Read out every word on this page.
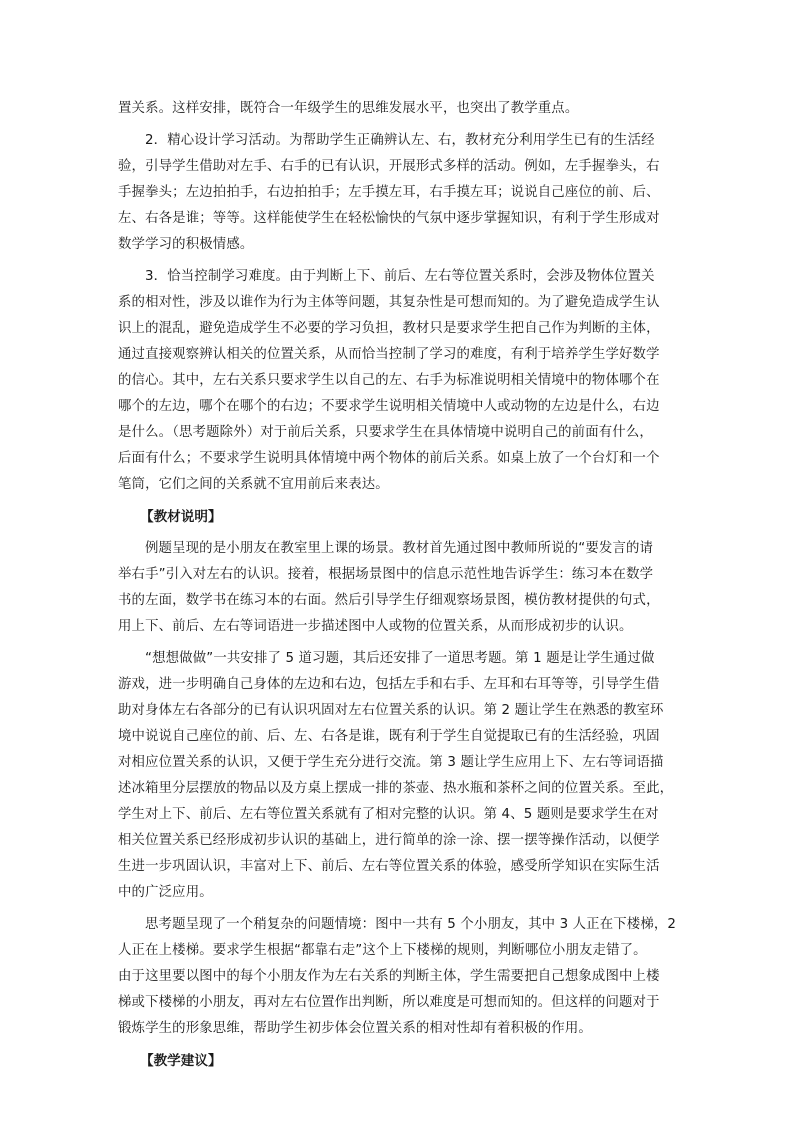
置关系。这样安排，既符合一年级学生的思维发展水平，也突出了教学重点。
2．精心设计学习活动。为帮助学生正确辨认左、右，教材充分利用学生已有的生活经
验，引导学生借助对左手、右手的已有认识，开展形式多样的活动。例如，左手握拳头，右
手握拳头；左边拍拍手，右边拍拍手；左手摸左耳，右手摸左耳；说说自己座位的前、后、
左、右各是谁；等等。这样能使学生在轻松愉快的气氛中逐步掌握知识，有利于学生形成对
数学学习的积极情感。
3．恰当控制学习难度。由于判断上下、前后、左右等位置关系时，会涉及物体位置关
系的相对性，涉及以谁作为行为主体等问题，其复杂性是可想而知的。为了避免造成学生认
识上的混乱，避免造成学生不必要的学习负担，教材只是要求学生把自己作为判断的主体，
通过直接观察辨认相关的位置关系，从而恰当控制了学习的难度，有利于培养学生学好数学
的信心。其中，左右关系只要求学生以自己的左、右手为标准说明相关情境中的物体哪个在
哪个的左边，哪个在哪个的右边；不要求学生说明相关情境中人或动物的左边是什么，右边
是什么。（思考题除外）对于前后关系，只要求学生在具体情境中说明自己的前面有什么，
后面有什么；不要求学生说明具体情境中两个物体的前后关系。如桌上放了一个台灯和一个
笔筒，它们之间的关系就不宜用前后来表达。
【教材说明】
例题呈现的是小朋友在教室里上课的场景。教材首先通过图中教师所说的“要发言的请
举右手”引入对左右的认识。接着，根据场景图中的信息示范性地告诉学生：练习本在数学
书的左面，数学书在练习本的右面。然后引导学生仔细观察场景图，模仿教材提供的句式，
用上下、前后、左右等词语进一步描述图中人或物的位置关系，从而形成初步的认识。
“想想做做”一共安排了 5 道习题，其后还安排了一道思考题。第 1 题是让学生通过做
游戏，进一步明确自己身体的左边和右边，包括左手和右手、左耳和右耳等等，引导学生借
助对身体左右各部分的已有认识巩固对左右位置关系的认识。第 2 题让学生在熟悉的教室环
境中说说自己座位的前、后、左、右各是谁，既有利于学生自觉提取已有的生活经验，巩固
对相应位置关系的认识，又便于学生充分进行交流。第 3 题让学生应用上下、左右等词语描
述冰箱里分层摆放的物品以及方桌上摆成一排的茶壶、热水瓶和茶杯之间的位置关系。至此，
学生对上下、前后、左右等位置关系就有了相对完整的认识。第 4、5 题则是要求学生在对
相关位置关系已经形成初步认识的基础上，进行简单的涂一涂、摆一摆等操作活动，以便学
生进一步巩固认识，丰富对上下、前后、左右等位置关系的体验，感受所学知识在实际生活
中的广泛应用。
思考题呈现了一个稍复杂的问题情境：图中一共有 5 个小朋友，其中 3 人正在下楼梯，2
人正在上楼梯。要求学生根据“都靠右走”这个上下楼梯的规则，判断哪位小朋友走错了。
由于这里要以图中的每个小朋友作为左右关系的判断主体，学生需要把自己想象成图中上楼
梯或下楼梯的小朋友，再对左右位置作出判断，所以难度是可想而知的。但这样的问题对于
锻炼学生的形象思维，帮助学生初步体会位置关系的相对性却有着积极的作用。
【教学建议】
